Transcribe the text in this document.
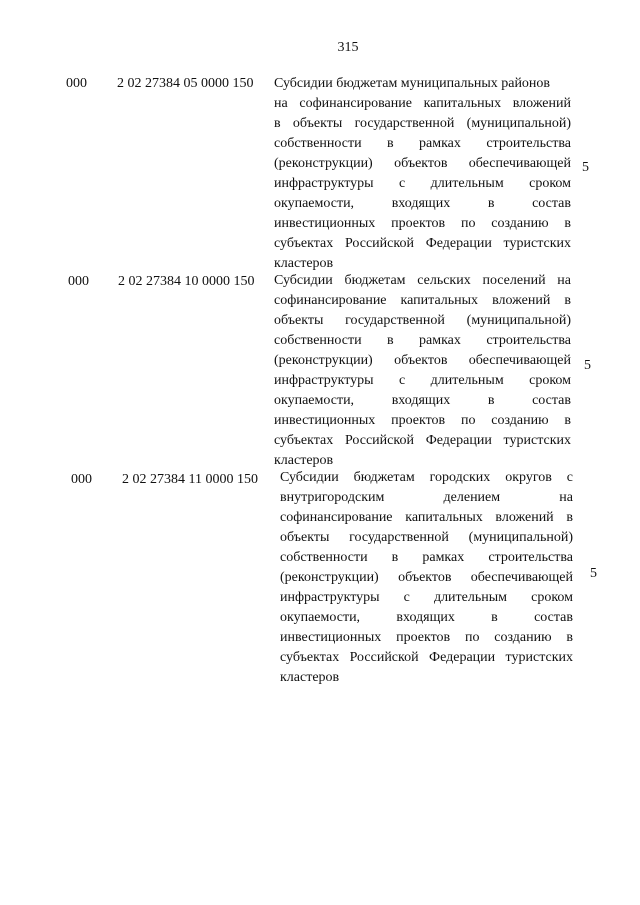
315
000 2 02 27384 05 0000 150 Субсидии бюджетам муниципальных районов
на софинансирование капитальных вложений
в объекты государственной (муниципальной)
собственности в рамках строительства
(реконструкции) объектов обеспечивающей
инфраструктуры с длительным сроком
окупаемости, входящих в состав
инвестиционных проектов по созданию в
субъектах Российской Федерации туристских
кластеров
5
000 2 02 27384 10 0000 150 Субсидии бюджетам сельских поселений на
софинансирование капитальных вложений в
объекты государственной (муниципальной)
собственности в рамках строительства
(реконструкции) объектов обеспечивающей
инфраструктуры с длительным сроком
окупаемости, входящих в состав
инвестиционных проектов по созданию в
субъектах Российской Федерации туристских
кластеров
5
000 2 02 27384 11 0000 150 Субсидии бюджетам городских округов с
внутригородским делением на
софинансирование капитальных вложений в
объекты государственной (муниципальной)
собственности в рамках строительства
(реконструкции) объектов обеспечивающей
инфраструктуры с длительным сроком
окупаемости, входящих в состав
инвестиционных проектов по созданию в
субъектах Российской Федерации туристских
кластеров
5
